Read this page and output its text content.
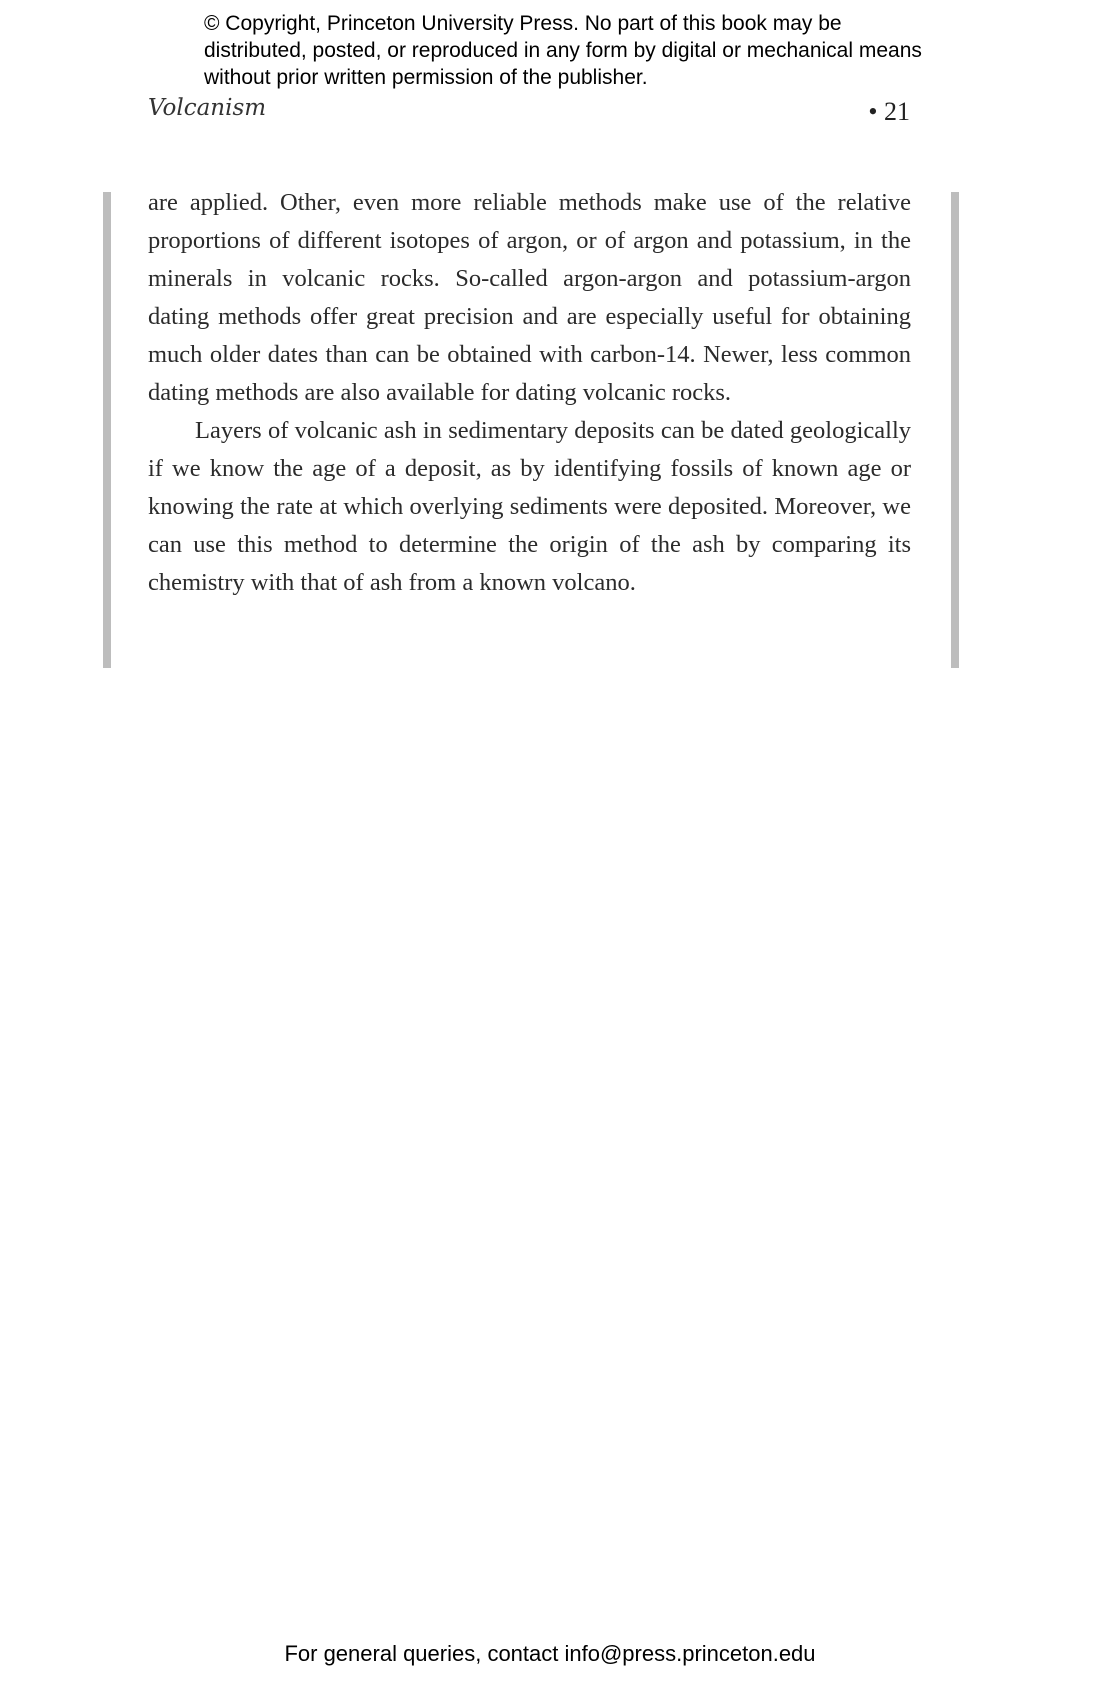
© Copyright, Princeton University Press. No part of this book may be distributed, posted, or reproduced in any form by digital or mechanical means without prior written permission of the publisher.
Volcanism	• 21

are applied. Other, even more reliable methods make use of the relative proportions of different isotopes of argon, or of argon and potassium, in the minerals in volcanic rocks. So-called argon-argon and potassium-argon dating methods offer great precision and are especially useful for obtaining much older dates than can be obtained with carbon-14. Newer, less common dating methods are also available for dating volcanic rocks.

Layers of volcanic ash in sedimentary deposits can be dated geologically if we know the age of a deposit, as by identifying fossils of known age or knowing the rate at which overlying sediments were deposited. Moreover, we can use this method to determine the origin of the ash by comparing its chemistry with that of ash from a known volcano.

For general queries, contact info@press.princeton.edu
